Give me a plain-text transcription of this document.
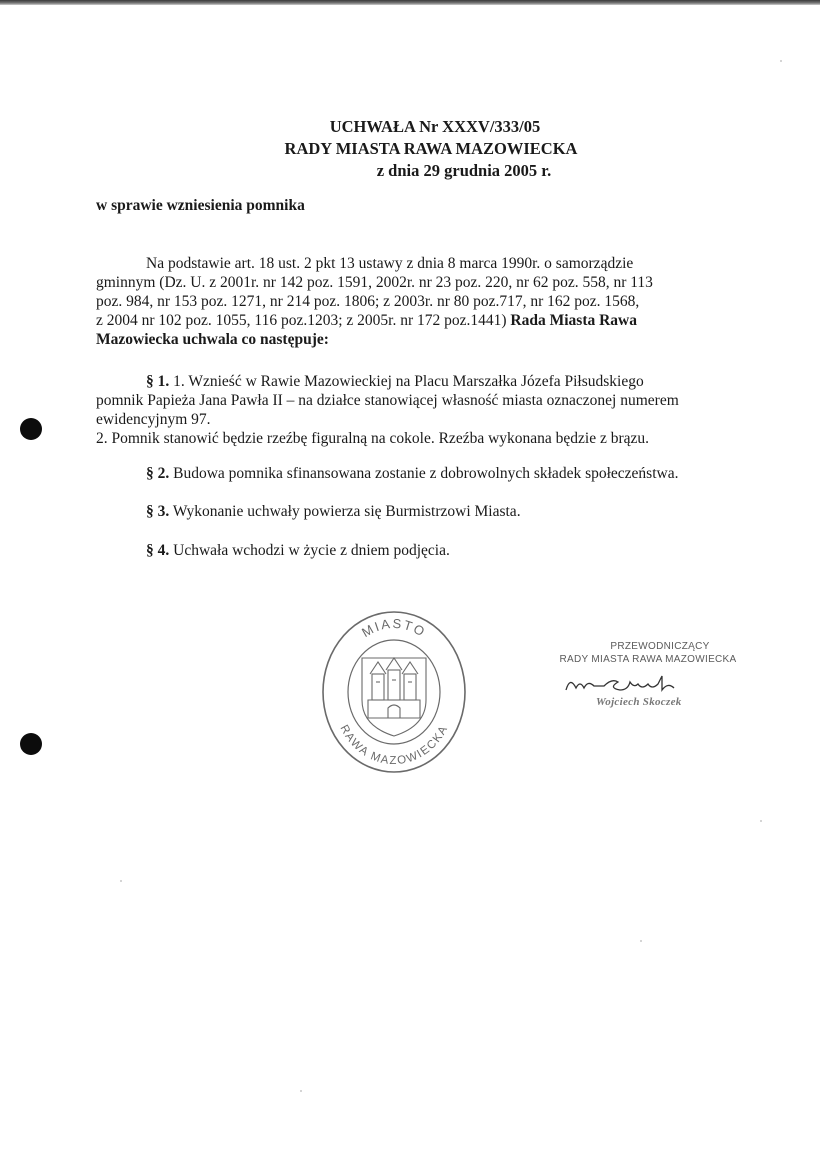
UCHWAŁA Nr XXXV/333/05
RADY MIASTA RAWA MAZOWIECKA
z dnia 29 grudnia 2005 r.
w sprawie wzniesienia pomnika

Na podstawie art. 18 ust. 2 pkt 13 ustawy z dnia 8 marca 1990r. o samorządzie

gminnym (Dz. U. z 2001r. nr 142 poz. 1591, 2002r. nr 23 poz. 220, nr 62 poz. 558, nr 113

poz. 984, nr 153 poz. 1271, nr 214 poz. 1806; z 2003r. nr 80 poz.717, nr 162 poz. 1568,

z 2004 nr 102 poz. 1055, 116 poz.1203; z 2005r. nr 172 poz.1441) Rada Miasta Rawa

Mazowiecka uchwala co następuje:

§ 1. 1. Wznieść w Rawie Mazowieckiej na Placu Marszałka Józefa Piłsudskiego

pomnik Papieża Jana Pawła II – na działce stanowiącej własność miasta oznaczonej numerem

ewidencyjnym 97.

2. Pomnik stanowić będzie rzeźbę figuralną na cokole. Rzeźba wykonana będzie z brązu.

§ 2. Budowa pomnika sfinansowana zostanie z dobrowolnych składek społeczeństwa.
§ 3. Wykonanie uchwały powierza się Burmistrzowi Miasta.
§ 4. Uchwała wchodzi w życie z dniem podjęcia.
MIASTO
RAWA MAZOWIECKA
PRZEWODNICZĄCY
RADY MIASTA RAWA MAZOWIECKA
Wojciech Skoczek
